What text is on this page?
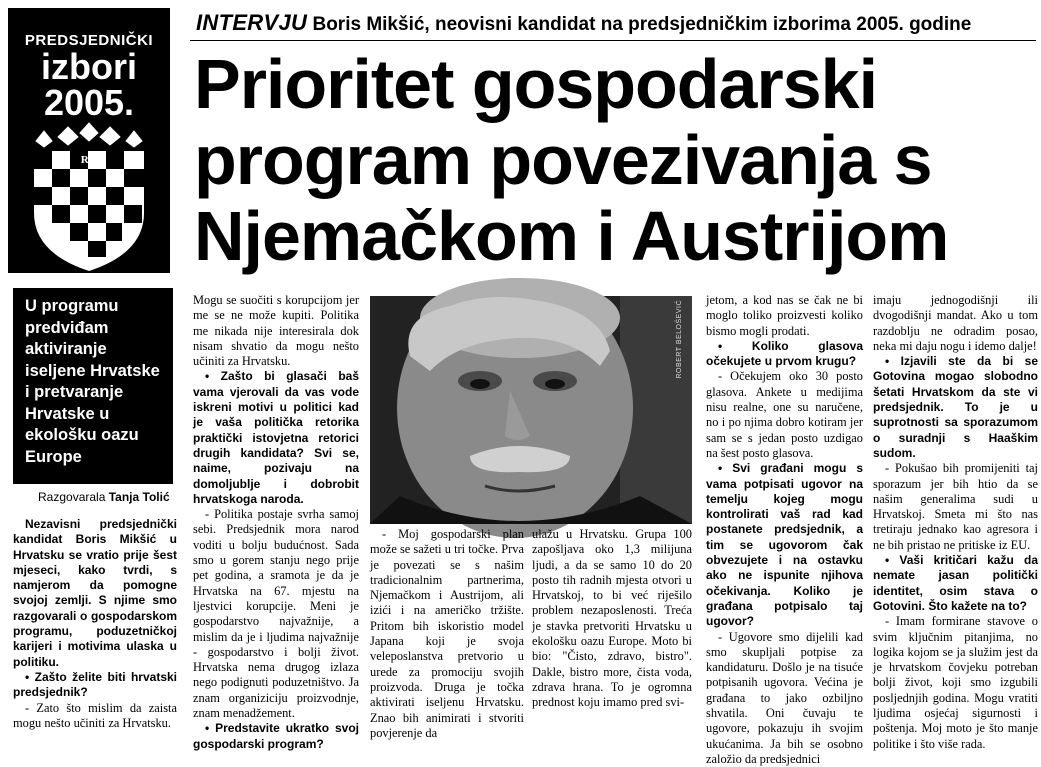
PREDSJEDNIČKI
izbori
2005.
RH
INTERVJU Boris Mikšić, neovisni kandidat na predsjedničkim izborima 2005. godine
Prioritet gospodarski
program povezivanja s
Njemačkom i Austrijom
U programu predviđam aktiviranje iseljene Hrvatske i pretvaranje Hrvatske u ekološku oazu Europe
Razgovarala Tanja Tolić
ROBERT BELOŠEVIĆ

Nezavisni predsjednički kandidat Boris Mikšić u Hrvatsku se vratio prije šest mjeseci, kako tvrdi, s namjerom da pomogne svojoj zemlji. S njime smo razgovarali o gospodarskom programu, poduzetničkoj karijeri i motivima ulaska u politiku.

• Zašto želite biti hrvatski predsjednik?

- Zato što mislim da zaista mogu nešto učiniti za Hrvatsku.

Mogu se suočiti s korupcijom jer me se ne može kupiti. Politika me nikada nije interesirala dok nisam shvatio da mogu nešto učiniti za Hrvatsku.

• Zašto bi glasači baš vama vjerovali da vas vode iskreni motivi u politici kad je vaša politička retorika praktički istovjetna retorici drugih kandidata? Svi se, naime, pozivaju na domoljublje i dobrobit hrvatskoga naroda.

- Politika postaje svrha samoj sebi. Predsjednik mora narod voditi u bolju budućnost. Sada smo u gorem stanju nego prije pet godina, a sramota je da je Hrvatska na 67. mjestu na ljestvici korupcije. Meni je gospodarstvo najvažnije, a mislim da je i ljudima najvažnije - gospodarstvo i bolji život. Hrvatska nema drugog izlaza nego podignuti poduzetništvo. Ja znam organiziciju proizvodnje, znam menadžement.

• Predstavite ukratko svoj gospodarski program?

- Moj gospodarski plan može se sažeti u tri točke. Prva je povezati se s našim tradicionalnim partnerima, Njemačkom i Austrijom, ali izići i na američko tržište. Pritom bih iskoristio model Japana koji je svoja veleposlanstva pretvorio u urede za promociju svojih proizvoda. Druga je točka aktivirati iseljenu Hrvatsku. Znao bih animirati i stvoriti povjerenje da

ulažu u Hrvatsku. Grupa 100 zapošljava oko 1,3 milijuna ljudi, a da se samo 10 do 20 posto tih radnih mjesta otvori u Hrvatskoj, to bi već riješilo problem nezaposlenosti. Treća je stavka pretvoriti Hrvatsku u ekološku oazu Europe. Moto bi bio: "Čisto, zdravo, bistro". Dakle, bistro more, čista voda, zdrava hrana. To je ogromna prednost koju imamo pred svi-

jetom, a kod nas se čak ne bi moglo toliko proizvesti koliko bismo mogli prodati.

• Koliko glasova očekujete u prvom krugu?

- Očekujem oko 30 posto glasova. Ankete u medijima nisu realne, one su naručene, no i po njima dobro kotiram jer sam se s jedan posto uzdigao na šest posto glasova.

• Svi građani mogu s vama potpisati ugovor na temelju kojeg mogu kontrolirati vaš rad kad postanete predsjednik, a tim se ugovorom čak obvezujete i na ostavku ako ne ispunite njihova očekivanja. Koliko je građana potpisalo taj ugovor?

- Ugovore smo dijelili kad smo skupljali potpise za kandidaturu. Došlo je na tisuće potpisanih ugovora. Većina je građana to jako ozbiljno shvatila. Oni čuvaju te ugovore, pokazuju ih svojim ukućanima. Ja bih se osobno založio da predsjednici

imaju jednogodišnji ili dvogodišnji mandat. Ako u tom razdoblju ne odradim posao, neka mi daju nogu i idemo dalje!

• Izjavili ste da bi se Gotovina mogao slobodno šetati Hrvatskom da ste vi predsjednik. To je u suprotnosti sa sporazumom o suradnji s Haaškim sudom.

- Pokušao bih promijeniti taj sporazum jer bih htio da se našim generalima sudi u Hrvatskoj. Smeta mi što nas tretiraju jednako kao agresora i ne bih pristao ne pritiske iz EU.

• Vaši kritičari kažu da nemate jasan politički identitet, osim stava o Gotovini. Što kažete na to?

- Imam formirane stavove o svim ključnim pitanjima, no logika kojom se ja služim jest da je hrvatskom čovjeku potreban bolji život, koji smo izgubili posljednjih godina. Mogu vratiti ljudima osjećaj sigurnosti i poštenja. Moj moto je što manje politike i što više rada.
